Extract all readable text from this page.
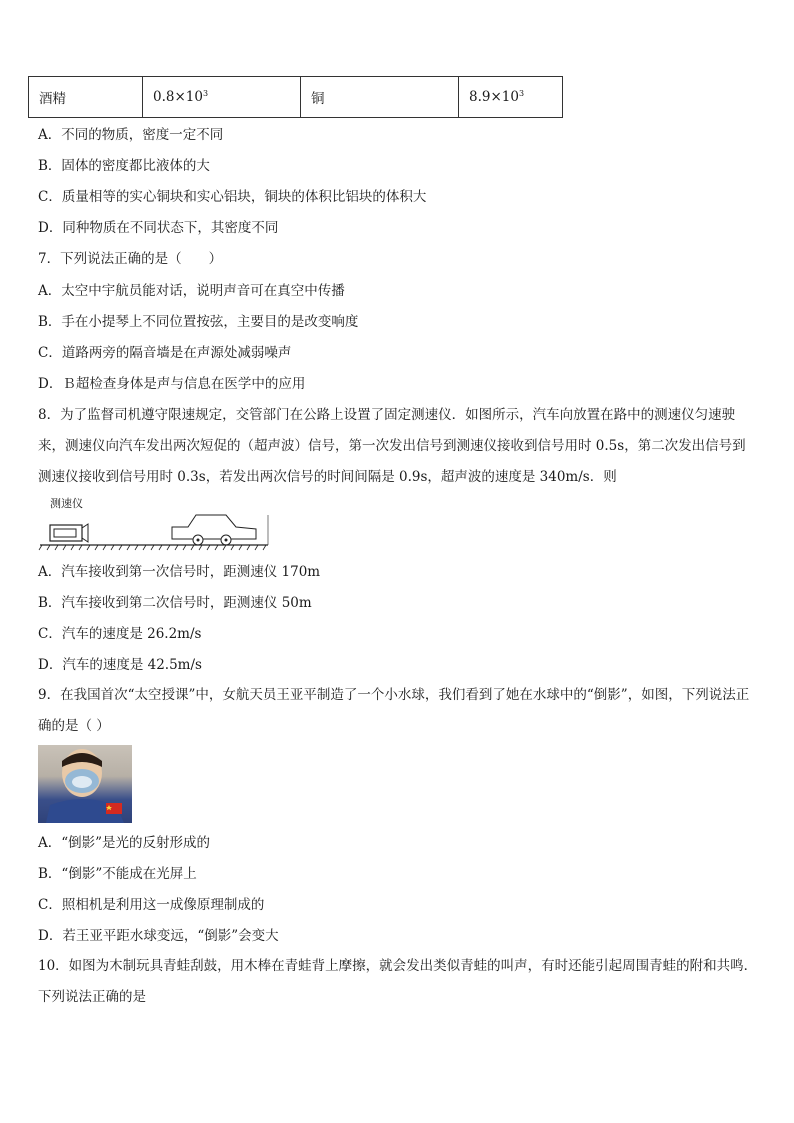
酒精	$0.8\times 10^3$	铜	$8.9\times 10^3$
A．不同的物质，密度一定不同
B．固体的密度都比液体的大
C．质量相等的实心铜块和实心铝块，铜块的体积比铝块的体积大
D．同种物质在不同状态下，其密度不同
7．下列说法正确的是（　　）
A．太空中宇航员能对话，说明声音可在真空中传播
B．手在小提琴上不同位置按弦，主要目的是改变响度
C．道路两旁的隔音墙是在声源处减弱噪声
D．Ｂ超检查身体是声与信息在医学中的应用
8．为了监督司机遵守限速规定，交管部门在公路上设置了固定测速仪．如图所示，汽车向放置在路中的测速仪匀速驶来，测速仪向汽车发出两次短促的（超声波）信号，第一次发出信号到测速仪接收到信号用时 0.5s，第二次发出信号到测速仪接收到信号用时 0.3s，若发出两次信号的时间间隔是 0.9s，超声波的速度是 340m/s．则
测速仪
A．汽车接收到第一次信号时，距测速仪 170m
B．汽车接收到第二次信号时，距测速仪 50m
C．汽车的速度是 26.2m/s
D．汽车的速度是 42.5m/s
9．在我国首次“太空授课”中，女航天员王亚平制造了一个小水球，我们看到了她在水球中的“倒影”，如图，下列说法正确的是（ ）
A．“倒影”是光的反射形成的
B．“倒影”不能成在光屏上
C．照相机是利用这一成像原理制成的
D．若王亚平距水球变远，“倒影”会变大
10．如图为木制玩具青蛙刮鼓，用木棒在青蛙背上摩擦，就会发出类似青蛙的叫声，有时还能引起周围青蛙的附和共鸣．下列说法正确的是
